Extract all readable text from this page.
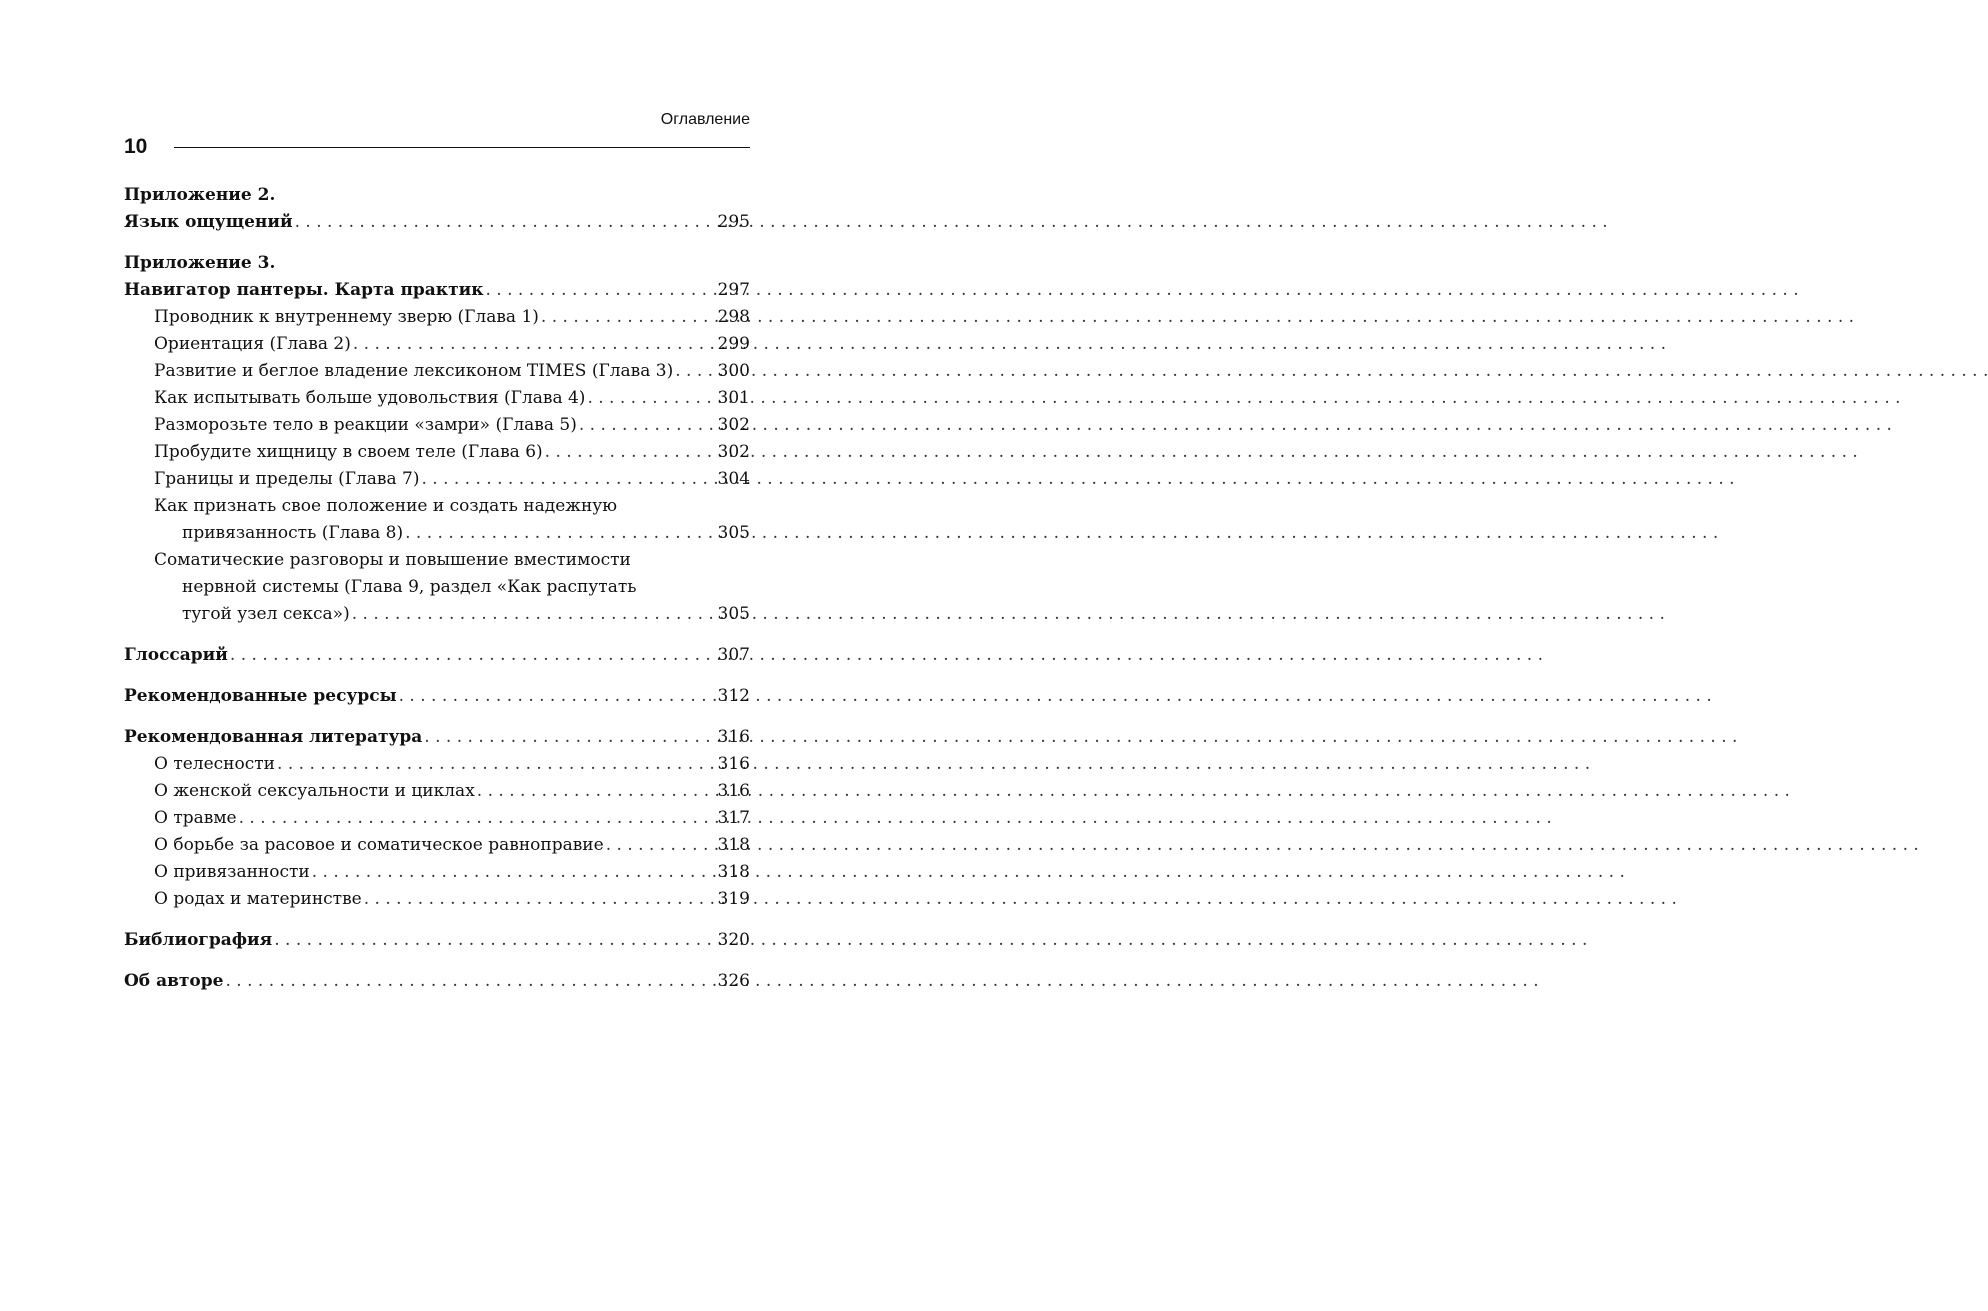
Оглавление
10
Приложение 2.
Язык ощущений . . .	295
Приложение 3.
Навигатор пантеры. Карта практик . . .	297
Проводник к внутреннему зверю (Глава 1) . . .	298
Ориентация (Глава 2) . . .	299
Развитие и беглое владение лексиконом TIMES (Глава 3) . . .	300
Как испытывать больше удовольствия (Глава 4) . . .	301
Разморозьте тело в реакции «замри» (Глава 5) . . .	302
Пробудите хищницу в своем теле (Глава 6) . . .	302
Границы и пределы (Глава 7) . . .	304
Как признать свое положение и создать надежную
привязанность (Глава 8) . . .	305
Соматические разговоры и повышение вместимости
нервной системы (Глава 9, раздел «Как распутать
тугой узел секса») . . .	305
Глоссарий . . .	307
Рекомендованные ресурсы . . .	312
Рекомендованная литература . . .	316
О телесности . . .	316
О женской сексуальности и циклах . . .	316
О травме . . .	317
О борьбе за расовое и соматическое равноправие . . .	318
О привязанности . . .	318
О родах и материнстве . . .	319
Библиография . . .	320
Об авторе . . .	326
